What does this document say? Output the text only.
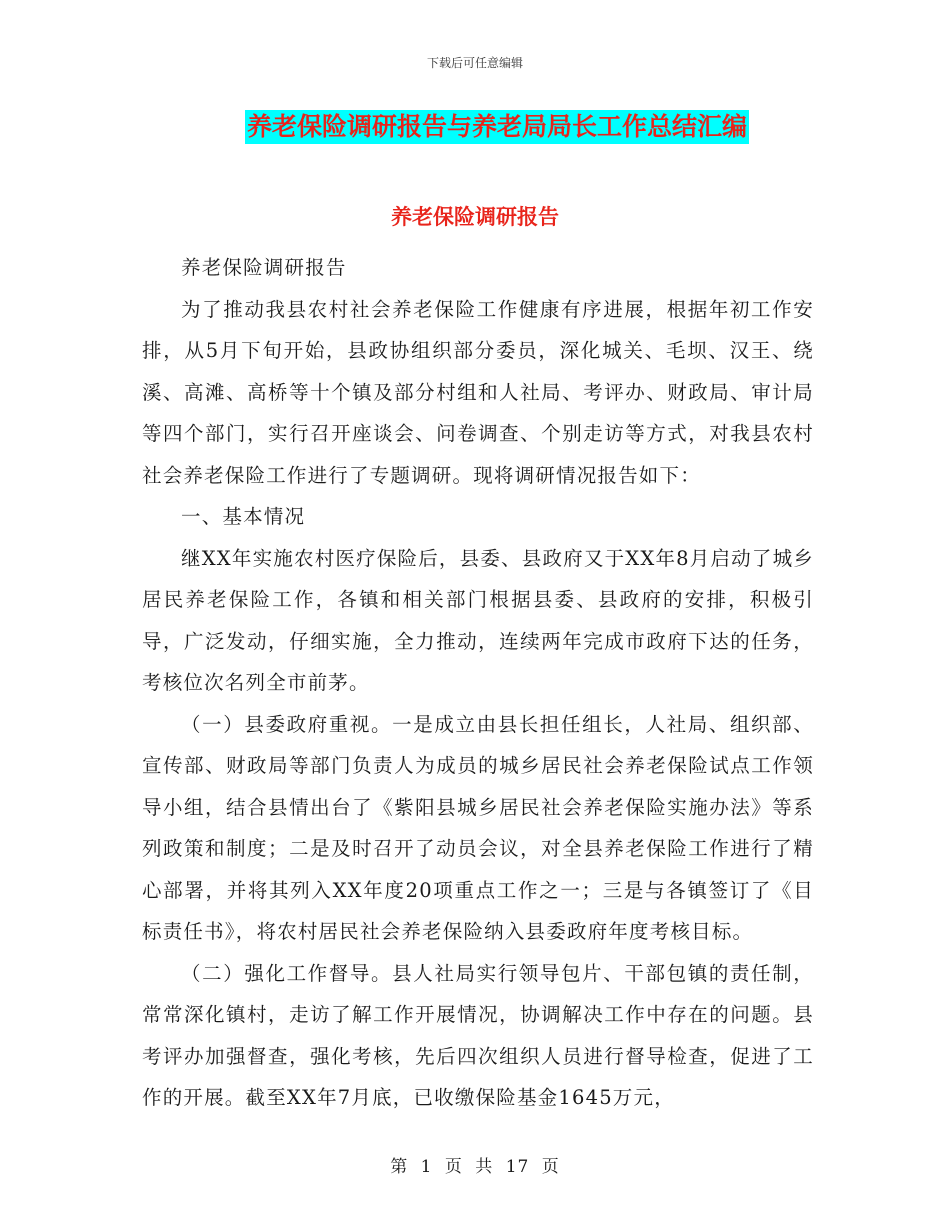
下载后可任意编辑
养老保险调研报告与养老局局长工作总结汇编
养老保险调研报告

养老保险调研报告

为了推动我县农村社会养老保险工作健康有序进展，根据年初工作安排，从5月下旬开始，县政协组织部分委员，深化城关、毛坝、汉王、绕溪、高滩、高桥等十个镇及部分村组和人社局、考评办、财政局、审计局等四个部门，实行召开座谈会、问卷调查、个别走访等方式，对我县农村社会养老保险工作进行了专题调研。现将调研情况报告如下：

一、基本情况

继XX年实施农村医疗保险后，县委、县政府又于XX年8月启动了城乡居民养老保险工作，各镇和相关部门根据县委、县政府的安排，积极引导，广泛发动，仔细实施，全力推动，连续两年完成市政府下达的任务，考核位次名列全市前茅。

（一）县委政府重视。一是成立由县长担任组长，人社局、组织部、宣传部、财政局等部门负责人为成员的城乡居民社会养老保险试点工作领导小组，结合县情出台了《紫阳县城乡居民社会养老保险实施办法》等系列政策和制度；二是及时召开了动员会议，对全县养老保险工作进行了精心部署，并将其列入XX年度20项重点工作之一；三是与各镇签订了《目标责任书》，将农村居民社会养老保险纳入县委政府年度考核目标。

（二）强化工作督导。县人社局实行领导包片、干部包镇的责任制，常常深化镇村，走访了解工作开展情况，协调解决工作中存在的问题。县考评办加强督查，强化考核，先后四次组织人员进行督导检查，促进了工作的开展。截至XX年7月底，已收缴保险基金1645万元，

第 1 页 共 17 页
